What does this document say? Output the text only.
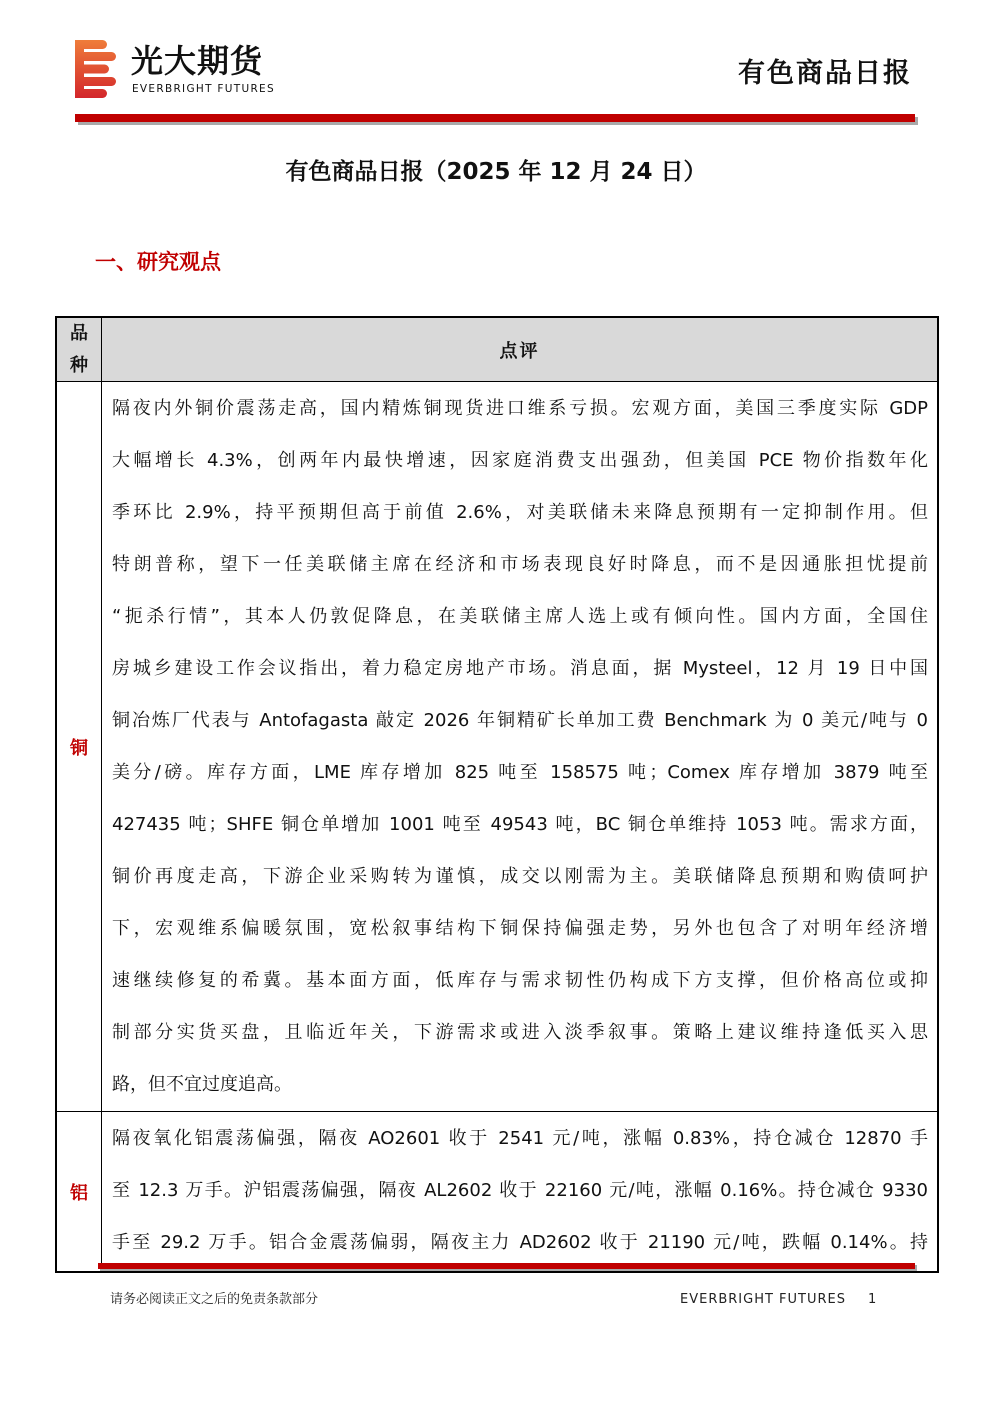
光大期货
EVERBRIGHT FUTURES	有色商品日报
有色商品日报（2025 年 12 月 24 日）
一、研究观点
品种
点评
铜
隔夜内外铜价震荡走高，国内精炼铜现货进口维系亏损。宏观方面，美国三季度实际 GDP
大幅增长 4.3%，创两年内最快增速，因家庭消费支出强劲，但美国 PCE 物价指数年化
季环比 2.9%，持平预期但高于前值 2.6%，对美联储未来降息预期有一定抑制作用。但
特朗普称，望下一任美联储主席在经济和市场表现良好时降息，而不是因通胀担忧提前
“扼杀行情”，其本人仍敦促降息，在美联储主席人选上或有倾向性。国内方面，全国住
房城乡建设工作会议指出，着力稳定房地产市场。消息面，据 Mysteel，12 月 19 日中国
铜冶炼厂代表与 Antofagasta 敲定 2026 年铜精矿长单加工费 Benchmark 为 0 美元/吨与 0
美分/磅。库存方面，LME 库存增加 825 吨至 158575 吨；Comex 库存增加 3879 吨至
427435 吨；SHFE 铜仓单增加 1001 吨至 49543 吨，BC 铜仓单维持 1053 吨。需求方面，
铜价再度走高，下游企业采购转为谨慎，成交以刚需为主。美联储降息预期和购债呵护
下，宏观维系偏暖氛围，宽松叙事结构下铜保持偏强走势，另外也包含了对明年经济增
速继续修复的希冀。基本面方面，低库存与需求韧性仍构成下方支撑，但价格高位或抑
制部分实货买盘，且临近年关，下游需求或进入淡季叙事。策略上建议维持逢低买入思
路，但不宜过度追高。
铝
隔夜氧化铝震荡偏强，隔夜 AO2601 收于 2541 元/吨，涨幅 0.83%，持仓减仓 12870 手
至 12.3 万手。沪铝震荡偏强，隔夜 AL2602 收于 22160 元/吨，涨幅 0.16%。持仓减仓 9330
手至 29.2 万手。铝合金震荡偏弱，隔夜主力 AD2602 收于 21190 元/吨，跌幅 0.14%。持
请务必阅读正文之后的免责条款部分	EVERBRIGHT FUTURES 1
